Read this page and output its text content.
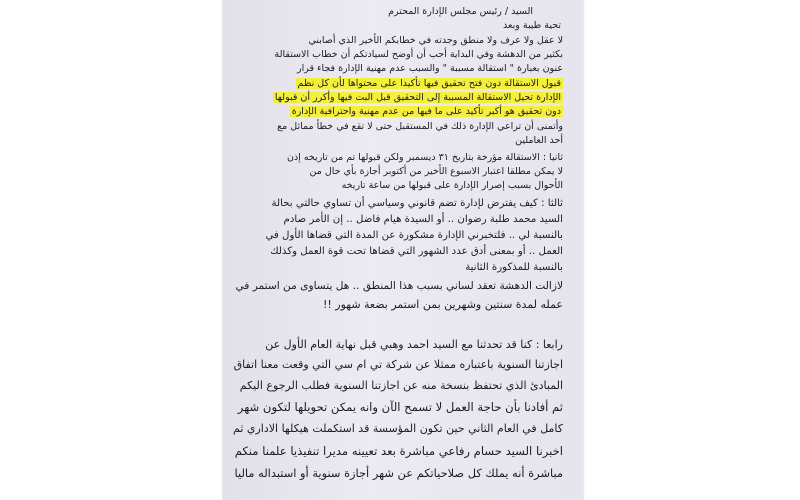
السيد / رئيس مجلس الإدارة المحترم
تحية طيبة وبعد
لا عقل ولا عرف ولا منطق وجدته في خطابكم الأخير الذي أصابني
بكثير من الدهشة وفي البداية أحب أن أوضح لسيادتكم أن خطاب الاستقالة
عنون بعبارة " استقالة مسببة " والسبب عدم مهنية الإدارة فجاء قرار
قبول الاستقالة دون فتح تحقيق فيها تأكيدا على محتواها لأن كل نظم
الإدارة تحيل الاستقالة المسببة إلى التحقيق قبل البت فيها وأكرر أن قبولها
دون تحقيق هو أكبر تأكيد على ما فيها من عدم مهنية واحترافية الإدارة
وأتمنى أن تراعي الإدارة ذلك في المستقبل حتى لا تقع في خطأ مماثل مع
أحد العاملين
ثانيا : الاستقالة مؤرخة بتاريخ ٣١ ديسمبر ولكن قبولها تم من تاريخه إذن
لا يمكن مطلقا اعتبار الاسبوع الأخير من أكتوبر أجازة بأي حال من
الأحوال بسبب إصرار الإدارة على قبولها من ساعة تاريخه
ثالثا : كيف يفترض لإدارة تضم قانوني وسياسي أن تساوي حالتي بحالة
السيد محمد طلبة رضوان .. أو السيدة هيام فاضل .. إن الأمر صادم
بالنسبة لي .. فلتخبرني الإدارة مشكورة عن المدة التي قضاها الأول في
العمل .. أو بمعنى أدق عدد الشهور التي قضاها تحت قوة العمل وكذلك
بالنسبة للمذكورة الثانية
لازالت الدهشة تعقد لساني بسبب هذا المنطق .. هل يتساوى من استمر في
عمله لمدة سنتين وشهرين بمن استمر بضعة شهور !!
رابعا : كنا قد تحدثنا مع السيد احمد وهبي قبل نهاية العام الأول عن
اجازتنا السنوية باعتباره ممثلا عن شركة تي ام سي التي وقعت معنا اتفاق
المبادئ الذي تحتفظ بنسخة منه عن اجازتنا السنوية فطلب الرجوع اليكم
ثم أفادنا بأن حاجة العمل لا تسمح الآن وانه يمكن تحويلها لتكون شهر
كامل في العام الثاني حين تكون المؤسسة قد استكملت هيكلها الاداري ثم
اخبرنا السيد حسام رفاعي مباشرة بعد تعيينه مديرا تنفيذيا علمنا منكم
مباشرة أنه يملك كل صلاحياتكم عن شهر أجازة سنوية أو استبداله ماليا
